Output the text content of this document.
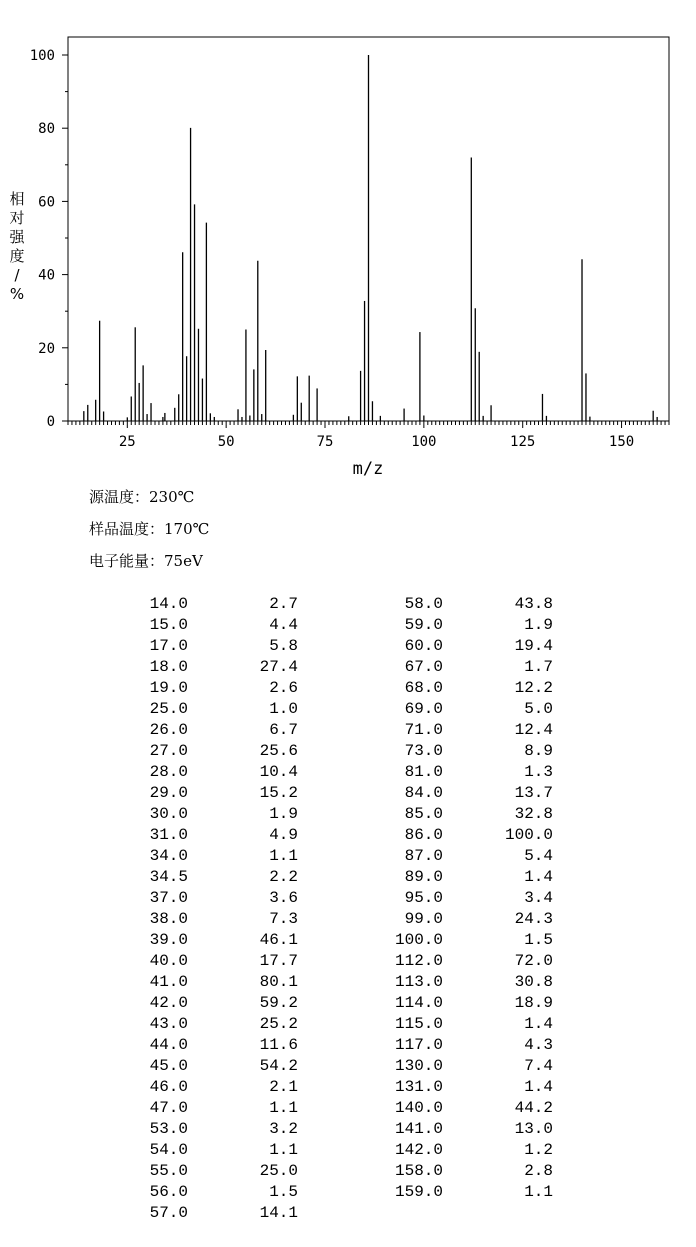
0
20
40
60
80
100
25	50	75	100	125	150
m/z
相
对
强
度
/
%
源温度：230℃
样品温度：170℃
电子能量：75eV
14.0	2.7
15.0	4.4
17.0	5.8
18.0	27.4
19.0	2.6
25.0	1.0
26.0	6.7
27.0	25.6
28.0	10.4
29.0	15.2
30.0	1.9
31.0	4.9
34.0	1.1
34.5	2.2
37.0	3.6
38.0	7.3
39.0	46.1
40.0	17.7
41.0	80.1
42.0	59.2
43.0	25.2
44.0	11.6
45.0	54.2
46.0	2.1
47.0	1.1
53.0	3.2
54.0	1.1
55.0	25.0
56.0	1.5
57.0	14.1
58.0	43.8
59.0	1.9
60.0	19.4
67.0	1.7
68.0	12.2
69.0	5.0
71.0	12.4
73.0	8.9
81.0	1.3
84.0	13.7
85.0	32.8
86.0	100.0
87.0	5.4
89.0	1.4
95.0	3.4
99.0	24.3
100.0	1.5
112.0	72.0
113.0	30.8
114.0	18.9
115.0	1.4
117.0	4.3
130.0	7.4
131.0	1.4
140.0	44.2
141.0	13.0
142.0	1.2
158.0	2.8
159.0	1.1
